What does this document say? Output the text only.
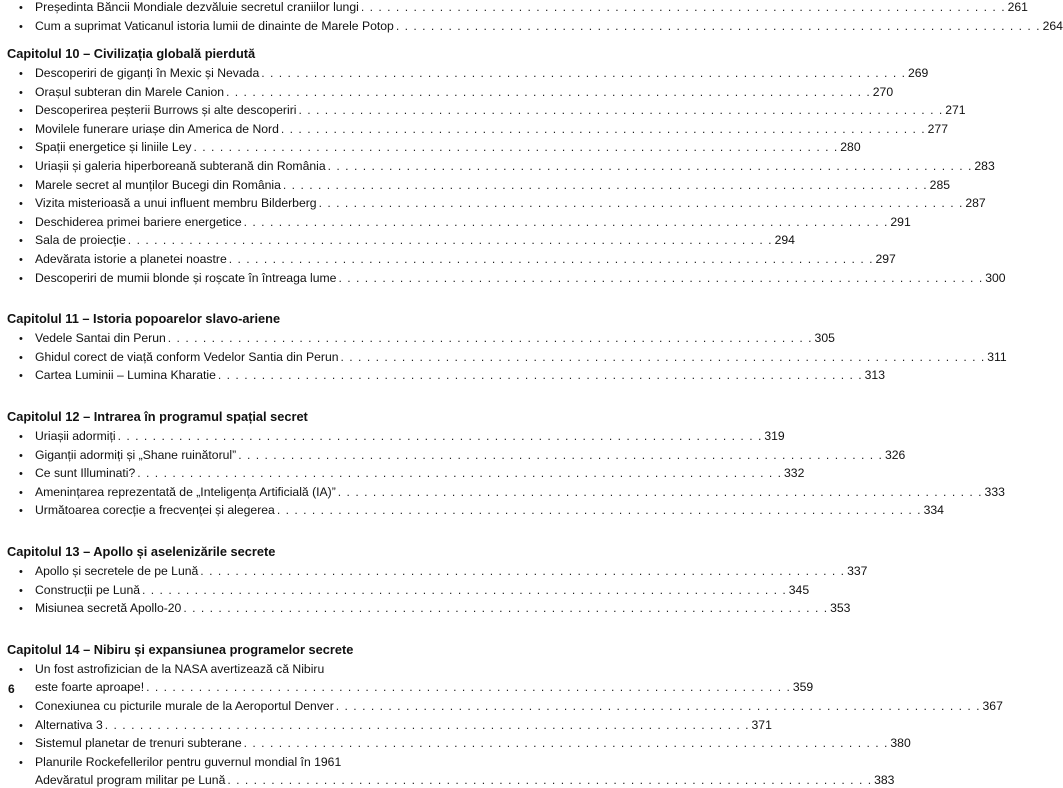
• Președinta Băncii Mondiale dezvăluie secretul craniilor lungi . . . . . . . . . . . . . . . . . . . . . . . . . . . . . . . . . . . . . . . . . . . . . . . . . . . . . . . . . . . . . . . . . . . . . . . . . . 261
• Cum a suprimat Vaticanul istoria lumii de dinainte de Marele Potop . . . . . . . . . . . . . . . . . . . . . . . . . . . . . . . . . . . . . . . . . . . . . . . . . . . . . . . . . . . . . . . . . . . . . . . . . . 264
Capitolul 10 – Civilizația globală pierdută
• Descoperiri de giganți în Mexic și Nevada . . . . . . . . . . . . . . . . . . . . . . . . . . . . . . . . . . . . . . . . . . . . . . . . . . . . . . . . . . . . . . . . . . . . . . . . . . 269
• Orașul subteran din Marele Canion . . . . . . . . . . . . . . . . . . . . . . . . . . . . . . . . . . . . . . . . . . . . . . . . . . . . . . . . . . . . . . . . . . . . . . . . . . 270
• Descoperirea peșterii Burrows și alte descoperiri . . . . . . . . . . . . . . . . . . . . . . . . . . . . . . . . . . . . . . . . . . . . . . . . . . . . . . . . . . . . . . . . . . . . . . . . . . 271
• Movilele funerare uriașe din America de Nord . . . . . . . . . . . . . . . . . . . . . . . . . . . . . . . . . . . . . . . . . . . . . . . . . . . . . . . . . . . . . . . . . . . . . . . . . . 277
• Spații energetice și liniile Ley . . . . . . . . . . . . . . . . . . . . . . . . . . . . . . . . . . . . . . . . . . . . . . . . . . . . . . . . . . . . . . . . . . . . . . . . . . 280
• Uriașii și galeria hiperboreană subterană din România . . . . . . . . . . . . . . . . . . . . . . . . . . . . . . . . . . . . . . . . . . . . . . . . . . . . . . . . . . . . . . . . . . . . . . . . . . 283
• Marele secret al munților Bucegi din România . . . . . . . . . . . . . . . . . . . . . . . . . . . . . . . . . . . . . . . . . . . . . . . . . . . . . . . . . . . . . . . . . . . . . . . . . . 285
• Vizita misterioasă a unui influent membru Bilderberg . . . . . . . . . . . . . . . . . . . . . . . . . . . . . . . . . . . . . . . . . . . . . . . . . . . . . . . . . . . . . . . . . . . . . . . . . . 287
• Deschiderea primei bariere energetice . . . . . . . . . . . . . . . . . . . . . . . . . . . . . . . . . . . . . . . . . . . . . . . . . . . . . . . . . . . . . . . . . . . . . . . . . . 291
• Sala de proiecție . . . . . . . . . . . . . . . . . . . . . . . . . . . . . . . . . . . . . . . . . . . . . . . . . . . . . . . . . . . . . . . . . . . . . . . . . . 294
• Adevărata istorie a planetei noastre . . . . . . . . . . . . . . . . . . . . . . . . . . . . . . . . . . . . . . . . . . . . . . . . . . . . . . . . . . . . . . . . . . . . . . . . . . 297
• Descoperiri de mumii blonde și roșcate în întreaga lume . . . . . . . . . . . . . . . . . . . . . . . . . . . . . . . . . . . . . . . . . . . . . . . . . . . . . . . . . . . . . . . . . . . . . . . . . . 300
Capitolul 11 – Istoria popoarelor slavo-ariene
• Vedele Santai din Perun . . . . . . . . . . . . . . . . . . . . . . . . . . . . . . . . . . . . . . . . . . . . . . . . . . . . . . . . . . . . . . . . . . . . . . . . . . 305
• Ghidul corect de viață conform Vedelor Santia din Perun . . . . . . . . . . . . . . . . . . . . . . . . . . . . . . . . . . . . . . . . . . . . . . . . . . . . . . . . . . . . . . . . . . . . . . . . . . 311
• Cartea Luminii – Lumina Kharatie . . . . . . . . . . . . . . . . . . . . . . . . . . . . . . . . . . . . . . . . . . . . . . . . . . . . . . . . . . . . . . . . . . . . . . . . . . 313
Capitolul 12 – Intrarea în programul spațial secret
• Uriașii adormiți . . . . . . . . . . . . . . . . . . . . . . . . . . . . . . . . . . . . . . . . . . . . . . . . . . . . . . . . . . . . . . . . . . . . . . . . . . 319
• Giganții adormiți și „Shane ruinătorul” . . . . . . . . . . . . . . . . . . . . . . . . . . . . . . . . . . . . . . . . . . . . . . . . . . . . . . . . . . . . . . . . . . . . . . . . . . 326
• Ce sunt Illuminati? . . . . . . . . . . . . . . . . . . . . . . . . . . . . . . . . . . . . . . . . . . . . . . . . . . . . . . . . . . . . . . . . . . . . . . . . . . 332
• Amenințarea reprezentată de „Inteligența Artificială (IA)” . . . . . . . . . . . . . . . . . . . . . . . . . . . . . . . . . . . . . . . . . . . . . . . . . . . . . . . . . . . . . . . . . . . . . . . . . . 333
• Următoarea corecție a frecvenței și alegerea . . . . . . . . . . . . . . . . . . . . . . . . . . . . . . . . . . . . . . . . . . . . . . . . . . . . . . . . . . . . . . . . . . . . . . . . . . 334
Capitolul 13 – Apollo și aselenizările secrete
• Apollo și secretele de pe Lună . . . . . . . . . . . . . . . . . . . . . . . . . . . . . . . . . . . . . . . . . . . . . . . . . . . . . . . . . . . . . . . . . . . . . . . . . . 337
• Construcții pe Lună . . . . . . . . . . . . . . . . . . . . . . . . . . . . . . . . . . . . . . . . . . . . . . . . . . . . . . . . . . . . . . . . . . . . . . . . . . 345
• Misiunea secretă Apollo-20 . . . . . . . . . . . . . . . . . . . . . . . . . . . . . . . . . . . . . . . . . . . . . . . . . . . . . . . . . . . . . . . . . . . . . . . . . . 353
Capitolul 14 – Nibiru și expansiunea programelor secrete
• Un fost astrofizician de la NASA avertizează că Nibiru
este foarte aproape! . . . . . . . . . . . . . . . . . . . . . . . . . . . . . . . . . . . . . . . . . . . . . . . . . . . . . . . . . . . . . . . . . . . . . . . . . . 359
• Conexiunea cu picturile murale de la Aeroportul Denver . . . . . . . . . . . . . . . . . . . . . . . . . . . . . . . . . . . . . . . . . . . . . . . . . . . . . . . . . . . . . . . . . . . . . . . . . . 367
• Alternativa 3 . . . . . . . . . . . . . . . . . . . . . . . . . . . . . . . . . . . . . . . . . . . . . . . . . . . . . . . . . . . . . . . . . . . . . . . . . . 371
• Sistemul planetar de trenuri subterane . . . . . . . . . . . . . . . . . . . . . . . . . . . . . . . . . . . . . . . . . . . . . . . . . . . . . . . . . . . . . . . . . . . . . . . . . . 380
• Planurile Rockefellerilor pentru guvernul mondial în 1961
Adevăratul program militar pe Lună . . . . . . . . . . . . . . . . . . . . . . . . . . . . . . . . . . . . . . . . . . . . . . . . . . . . . . . . . . . . . . . . . . . . . . . . . . 383
6
